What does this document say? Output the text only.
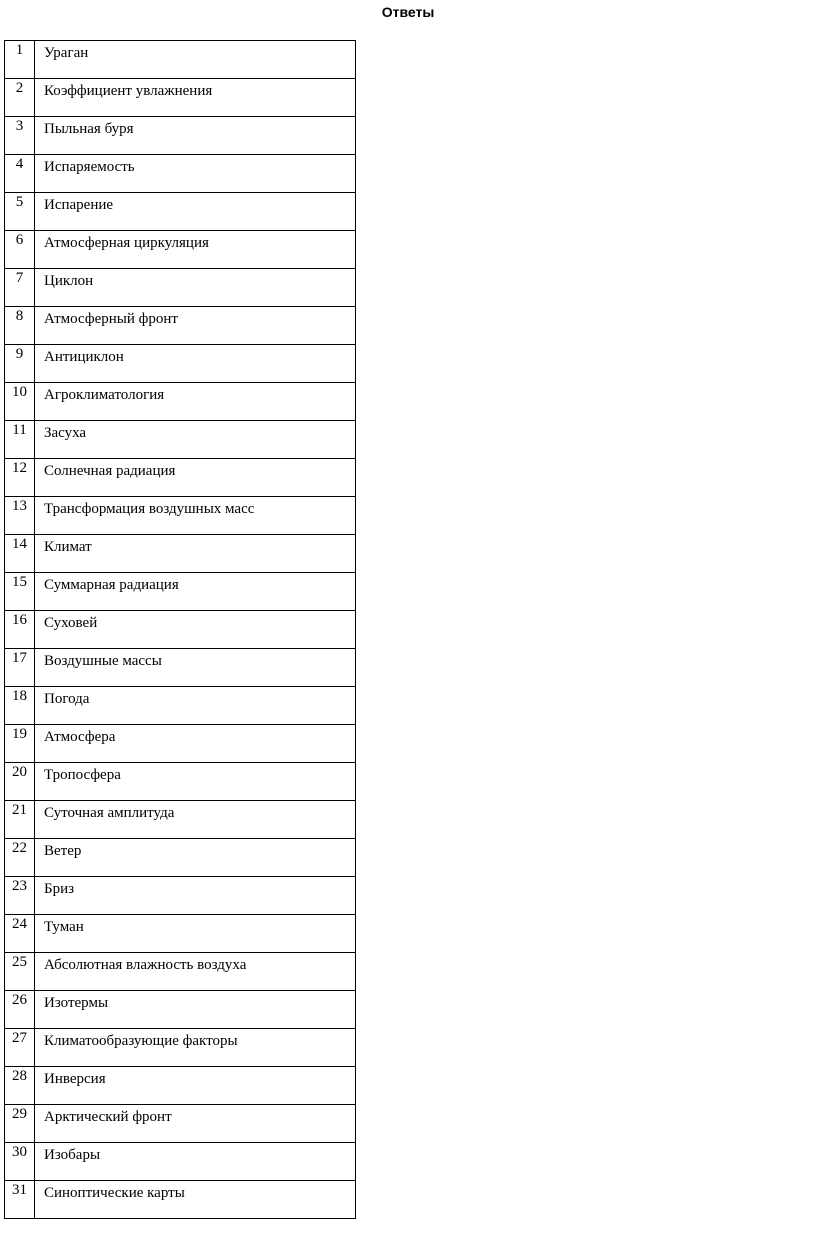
Ответы
1	Ураган
2	Коэффициент увлажнения
3	Пыльная буря
4	Испаряемость
5	Испарение
6	Атмосферная циркуляция
7	Циклон
8	Атмосферный фронт
9	Антициклон
10	Агроклиматология
11	Засуха
12	Солнечная радиация
13	Трансформация воздушных масс
14	Климат
15	Суммарная радиация
16	Суховей
17	Воздушные массы
18	Погода
19	Атмосфера
20	Тропосфера
21	Суточная амплитуда
22	Ветер
23	Бриз
24	Туман
25	Абсолютная влажность воздуха
26	Изотермы
27	Климатообразующие факторы
28	Инверсия
29	Арктический фронт
30	Изобары
31	Синоптические карты
